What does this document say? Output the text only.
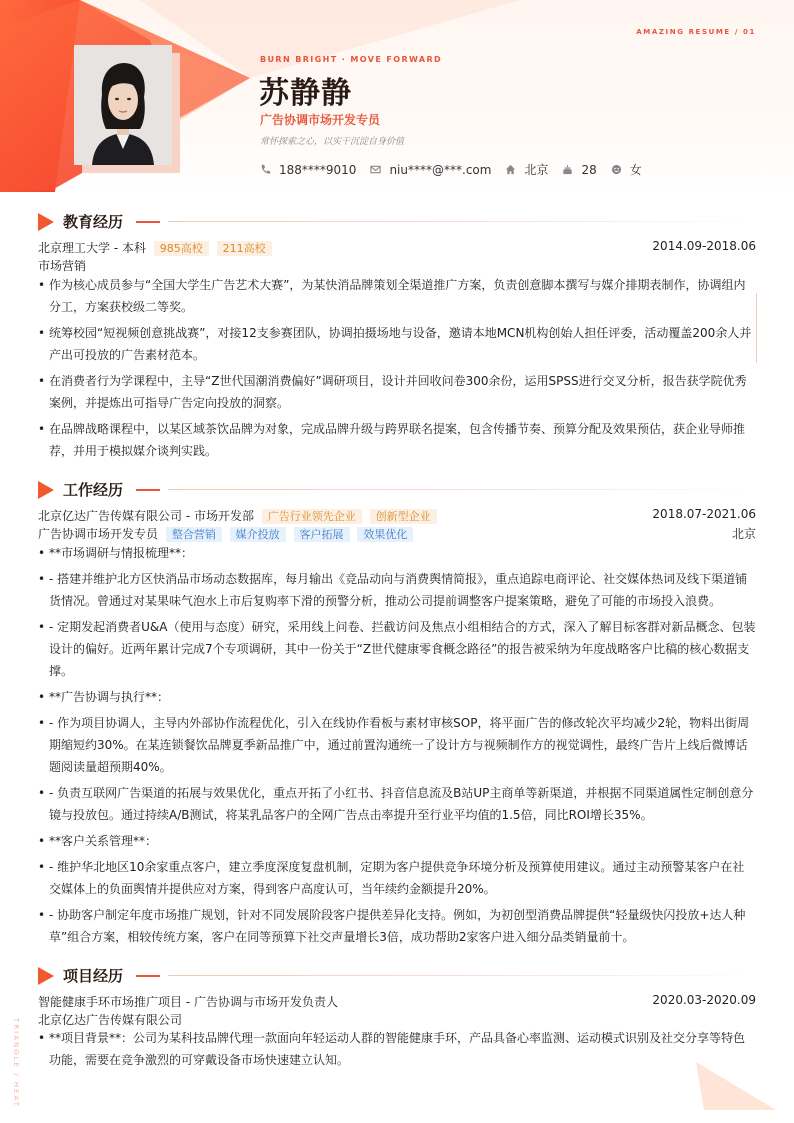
AMAZING RESUME / 01
BURN BRIGHT · MOVE FORWARD
苏静静
广告协调市场开发专员
常怀探索之心，以实干沉淀自身价值
188****9010	niu****@***.com	北京	28	女
教育经历
北京理工大学 - 本科 985高校 211高校	2014.09-2018.06
市场营销
• 作为核心成员参与“全国大学生广告艺术大赛”，为某快消品牌策划全渠道推广方案，负责创意脚本撰写与媒介排期表制作，协调组内分工，方案获校级二等奖。
• 统筹校园“短视频创意挑战赛”，对接12支参赛团队，协调拍摄场地与设备，邀请本地MCN机构创始人担任评委，活动覆盖200余人并产出可投放的广告素材范本。
• 在消费者行为学课程中，主导“Z世代国潮消费偏好”调研项目，设计并回收问卷300余份，运用SPSS进行交叉分析，报告获学院优秀案例，并提炼出可指导广告定向投放的洞察。
• 在品牌战略课程中，以某区域茶饮品牌为对象，完成品牌升级与跨界联名提案，包含传播节奏、预算分配及效果预估，获企业导师推荐，并用于模拟媒介谈判实践。
工作经历
北京亿达广告传媒有限公司 - 市场开发部 广告行业领先企业 创新型企业	2018.07-2021.06
广告协调市场开发专员 整合营销 媒介投放 客户拓展 效果优化	北京
• **市场调研与情报梳理**：
• - 搭建并维护北方区快消品市场动态数据库，每月输出《竞品动向与消费舆情简报》，重点追踪电商评论、社交媒体热词及线下渠道铺货情况。曾通过对某果味气泡水上市后复购率下滑的预警分析，推动公司提前调整客户提案策略，避免了可能的市场投入浪费。
• - 定期发起消费者U&A（使用与态度）研究，采用线上问卷、拦截访问及焦点小组相结合的方式，深入了解目标客群对新品概念、包装设计的偏好。近两年累计完成7个专项调研，其中一份关于“Z世代健康零食概念路径”的报告被采纳为年度战略客户比稿的核心数据支撑。
• **广告协调与执行**：
• - 作为项目协调人，主导内外部协作流程优化，引入在线协作看板与素材审核SOP，将平面广告的修改轮次平均减少2轮，物料出街周期缩短约30%。在某连锁餐饮品牌夏季新品推广中，通过前置沟通统一了设计方与视频制作方的视觉调性，最终广告片上线后微博话题阅读量超预期40%。
• - 负责互联网广告渠道的拓展与效果优化，重点开拓了小红书、抖音信息流及B站UP主商单等新渠道，并根据不同渠道属性定制创意分镜与投放包。通过持续A/B测试，将某乳品客户的全网广告点击率提升至行业平均值的1.5倍，同比ROI增长35%。
• **客户关系管理**：
• - 维护华北地区10余家重点客户，建立季度深度复盘机制，定期为客户提供竞争环境分析及预算使用建议。通过主动预警某客户在社交媒体上的负面舆情并提供应对方案，得到客户高度认可，当年续约金额提升20%。
• - 协助客户制定年度市场推广规划，针对不同发展阶段客户提供差异化支持。例如，为初创型消费品牌提供“轻量级快闪投放+达人种草”组合方案，相较传统方案，客户在同等预算下社交声量增长3倍，成功帮助2家客户进入细分品类销量前十。
项目经历
智能健康手环市场推广项目 - 广告协调与市场开发负责人	2020.03-2020.09
北京亿达广告传媒有限公司
• **项目背景**：公司为某科技品牌代理一款面向年轻运动人群的智能健康手环，产品具备心率监测、运动模式识别及社交分享等特色功能，需要在竞争激烈的可穿戴设备市场快速建立认知。
TRIANGLE / HEAT
